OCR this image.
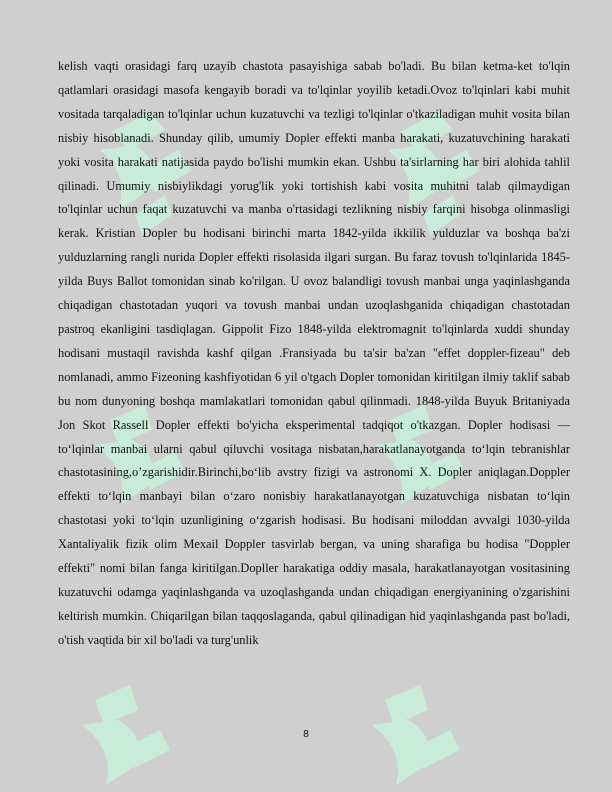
kelish vaqti orasidagi farq uzayib chastota pasayishiga sabab bo'ladi. Bu bilan ketma-ket to'lqin qatlamlari orasidagi masofa kengayib boradi va to'lqinlar yoyilib ketadi.Ovoz to'lqinlari kabi muhit vositada tarqaladigan to'lqinlar uchun kuzatuvchi va tezligi to'lqinlar o'tkaziladigan muhit vosita bilan nisbiy hisoblanadi. Shunday qilib, umumiy Dopler effekti manba harakati, kuzatuvchining harakati yoki vosita harakati natijasida paydo bo'lishi mumkin ekan. Ushbu ta'sirlarning har biri alohida tahlil qilinadi. Umumiy nisbiylikdagi yorug'lik yoki tortishish kabi vosita muhitni talab qilmaydigan to'lqinlar uchun faqat kuzatuvchi va manba o'rtasidagi tezlikning nisbiy farqini hisobga olinmasligi kerak. Kristian Dopler bu hodisani birinchi marta 1842-yilda ikkilik yulduzlar va boshqa ba'zi yulduzlarning rangli nurida Dopler effekti risolasida ilgari surgan. Bu faraz tovush to'lqinlarida 1845-yilda Buys Ballot tomonidan sinab ko'rilgan. U ovoz balandligi tovush manbai unga yaqinlashganda chiqadigan chastotadan yuqori va tovush manbai undan uzoqlashganida chiqadigan chastotadan pastroq ekanligini tasdiqlagan. Gippolit Fizo 1848-yilda elektromagnit to'lqinlarda xuddi shunday hodisani mustaqil ravishda kashf qilgan .Fransiyada bu ta'sir ba'zan "effet doppler-fizeau" deb nomlanadi, ammo Fizeoning kashfiyotidan 6 yil o'tgach Dopler tomonidan kiritilgan ilmiy taklif sabab bu nom dunyoning boshqa mamlakatlari tomonidan qabul qilinmadi. 1848-yilda Buyuk Britaniyada Jon Skot Rassell Dopler effekti bo'yicha eksperimental tadqiqot o'tkazgan. Dopler hodisasi — to‘lqinlar manbai ularni qabul qiluvchi vositaga nisbatan,harakatlanayotganda to‘lqin tebranishlar chastotasining,o’zgarishidir.Birinchi,bo‘lib avstry fizigi va astronomi X. Dopler aniqlagan.Doppler effekti to‘lqin manbayi bilan o‘zaro nonisbiy harakatlanayotgan kuzatuvchiga nisbatan to‘lqin chastotasi yoki to‘lqin uzunligining o‘zgarish hodisasi. Bu hodisani miloddan avvalgi 1030-yilda Xantaliyalik fizik olim Mexail Doppler tasvirlab bergan, va uning sharafiga bu hodisa "Doppler effekti" nomi bilan fanga kiritilgan.Dopller harakatiga oddiy masala, harakatlanayotgan vositasining kuzatuvchi odamga yaqinlashganda va uzoqlashganda undan chiqadigan energiyanining o'zgarishini keltirish mumkin. Chiqarilgan bilan taqqoslaganda, qabul qilinadigan hid yaqinlashganda past bo'ladi, o'tish vaqtida bir xil bo'ladi va turg'unlik

8
